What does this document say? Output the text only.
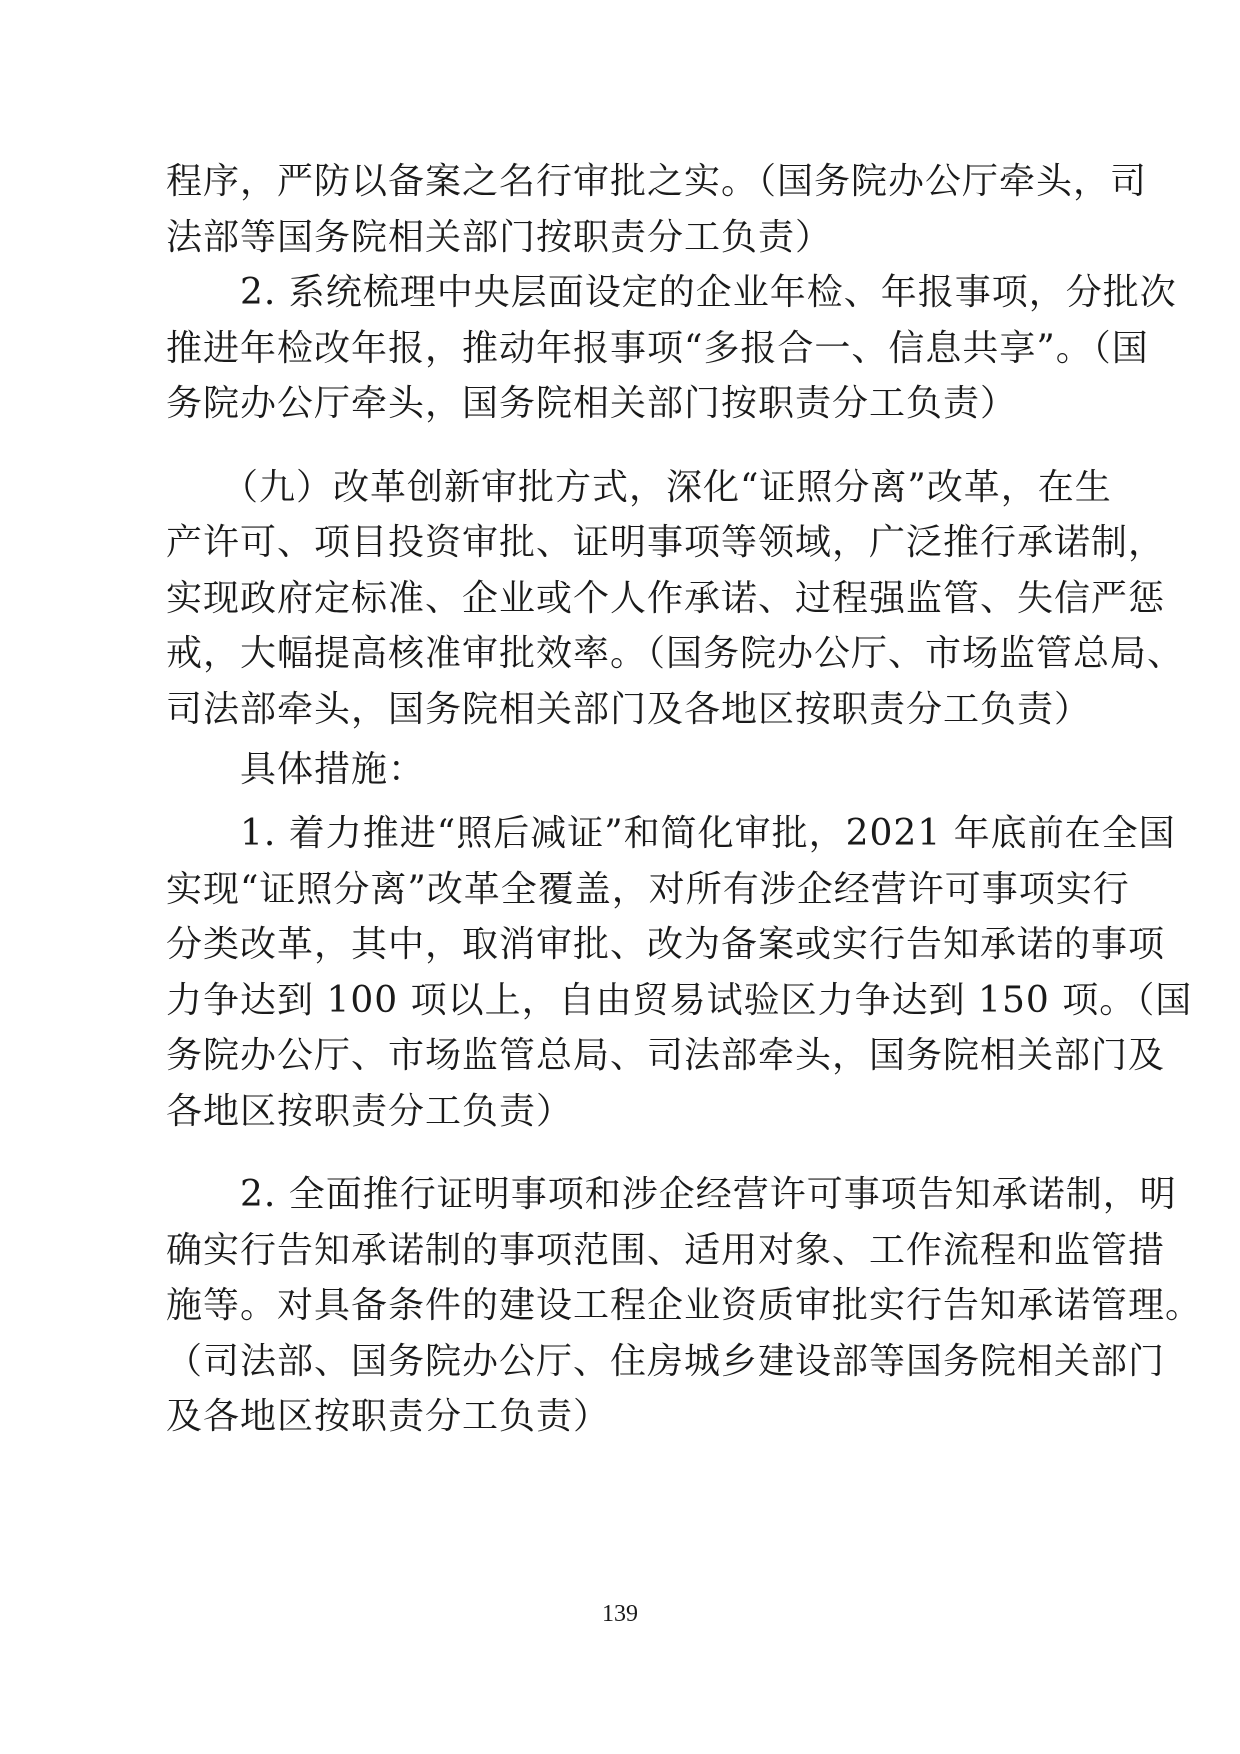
程序，严防以备案之名行审批之实。（国务院办公厅牵头，司
法部等国务院相关部门按职责分工负责）
　　2. 系统梳理中央层面设定的企业年检、年报事项，分批次
推进年检改年报，推动年报事项“多报合一、信息共享”。（国
务院办公厅牵头，国务院相关部门按职责分工负责）
　　（九）改革创新审批方式，深化“证照分离”改革，在生
产许可、项目投资审批、证明事项等领域，广泛推行承诺制，
实现政府定标准、企业或个人作承诺、过程强监管、失信严惩
戒，大幅提高核准审批效率。（国务院办公厅、市场监管总局、
司法部牵头，国务院相关部门及各地区按职责分工负责）
　　具体措施：
　　1. 着力推进“照后减证”和简化审批，2021 年底前在全国
实现“证照分离”改革全覆盖，对所有涉企经营许可事项实行
分类改革，其中，取消审批、改为备案或实行告知承诺的事项
力争达到 100 项以上，自由贸易试验区力争达到 150 项。（国
务院办公厅、市场监管总局、司法部牵头，国务院相关部门及
各地区按职责分工负责）
　　2. 全面推行证明事项和涉企经营许可事项告知承诺制，明
确实行告知承诺制的事项范围、适用对象、工作流程和监管措
施等。对具备条件的建设工程企业资质审批实行告知承诺管理。
（司法部、国务院办公厅、住房城乡建设部等国务院相关部门
及各地区按职责分工负责）
139
